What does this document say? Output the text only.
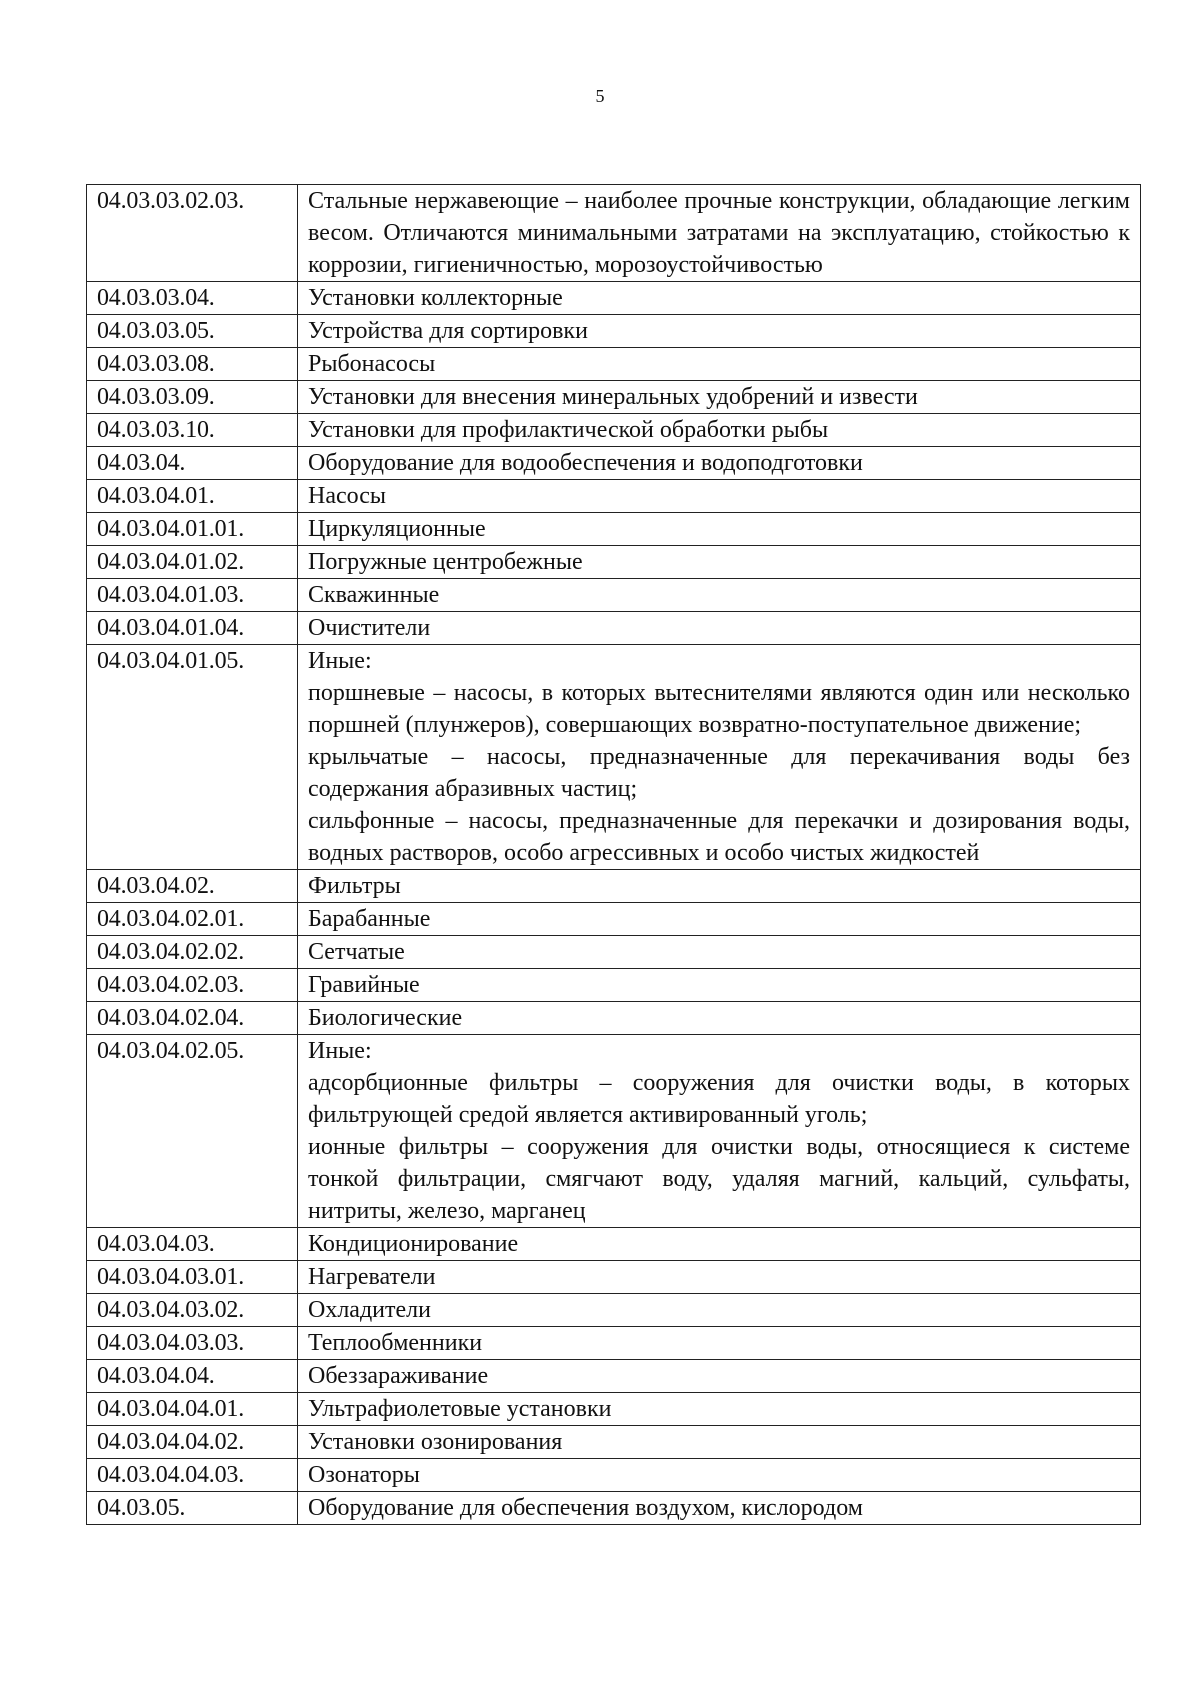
5
04.03.03.02.03.	Стальные нержавеющие – наиболее прочные конструкции, обладающие легким весом. Отличаются минимальными затратами на эксплуатацию, стойкостью к коррозии, гигиеничностью, морозоустойчивостью

04.03.03.04.	Установки коллекторные

04.03.03.05.	Устройства для сортировки

04.03.03.08.	Рыбонасосы

04.03.03.09.	Установки для внесения минеральных удобрений и извести

04.03.03.10.	Установки для профилактической обработки рыбы

04.03.04.	Оборудование для водообеспечения и водоподготовки

04.03.04.01.	Насосы

04.03.04.01.01.	Циркуляционные

04.03.04.01.02.	Погружные центробежные

04.03.04.01.03.	Скважинные

04.03.04.01.04.	Очистители

04.03.04.01.05.	Иные:
поршневые – насосы, в которых вытеснителями являются один или несколько поршней (плунжеров), совершающих возвратно-поступательное движение;
крыльчатые – насосы, предназначенные для перекачивания воды без содержания абразивных частиц;
сильфонные – насосы, предназначенные для перекачки и дозирования воды, водных растворов, особо агрессивных и особо чистых жидкостей

04.03.04.02.	Фильтры

04.03.04.02.01.	Барабанные

04.03.04.02.02.	Сетчатые

04.03.04.02.03.	Гравийные

04.03.04.02.04.	Биологические

04.03.04.02.05.	Иные:
адсорбционные фильтры – сооружения для очистки воды, в которых фильтрующей средой является активированный уголь;
ионные фильтры – сооружения для очистки воды, относящиеся к системе тонкой фильтрации, смягчают воду, удаляя магний, кальций, сульфаты, нитриты, железо, марганец

04.03.04.03.	Кондиционирование

04.03.04.03.01.	Нагреватели

04.03.04.03.02.	Охладители

04.03.04.03.03.	Теплообменники

04.03.04.04.	Обеззараживание

04.03.04.04.01.	Ультрафиолетовые установки

04.03.04.04.02.	Установки озонирования

04.03.04.04.03.	Озонаторы

04.03.05.	Оборудование для обеспечения воздухом, кислородом
